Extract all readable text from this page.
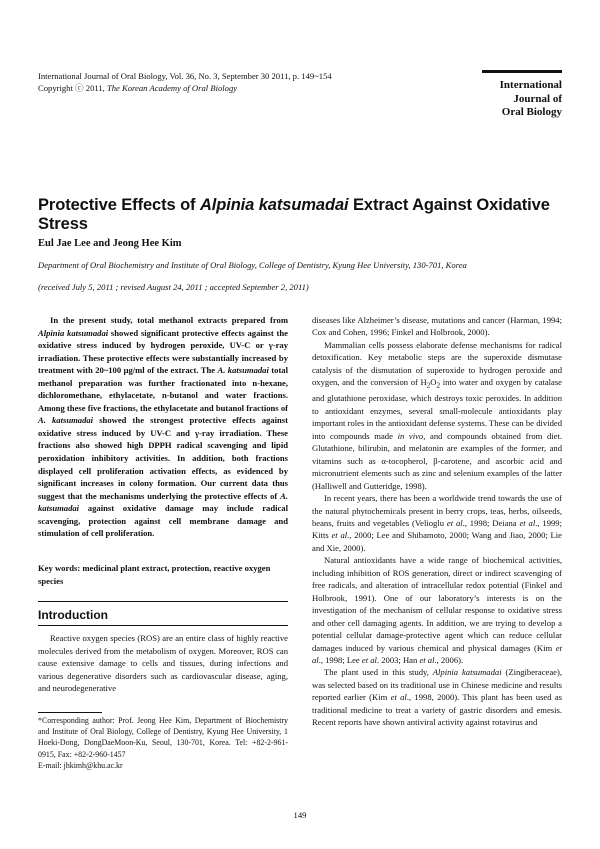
International Journal of Oral Biology, Vol. 36, No. 3, September 30 2011, p. 149~154
Copyright ⓒ 2011, The Korean Academy of Oral Biology	International
Journal of
Oral Biology
Protective Effects of Alpinia katsumadai Extract Against Oxidative Stress
Eul Jae Lee and Jeong Hee Kim
Department of Oral Biochemistry and Institute of Oral Biology, College of Dentistry, Kyung Hee University, 130-701, Korea
(received July 5, 2011 ; revised August 24, 2011 ; accepted September 2, 2011)
In the present study, total methanol extracts prepared from Alpinia katsumadai showed significant protective effects against the oxidative stress induced by hydrogen peroxide, UV-C or γ-ray irradiation. These protective effects were substantially increased by treatment with 20~100 μg/ml of the extract. The A. katsumadai total methanol preparation was further fractionated into n-hexane, dichloromethane, ethylacetate, n-butanol and water fractions. Among these five fractions, the ethylacetate and butanol fractions of A. katsumadai showed the strongest protective effects against oxidative stress induced by UV-C and γ-ray irradiation. These fractions also showed high DPPH radical scavenging and lipid peroxidation inhibitory activities. In addition, both fractions displayed cell proliferation activation effects, as evidenced by significant increases in colony formation. Our current data thus suggest that the mechanisms underlying the protective effects of A. katsumadai against oxidative damage may include radical scavenging, protection against cell membrane damage and stimulation of cell proliferation.
Key words: medicinal plant extract, protection, reactive oxygen species
Introduction
Reactive oxygen species (ROS) are an entire class of highly reactive molecules derived from the metabolism of oxygen. Moreover, ROS can cause extensive damage to cells and tissues, during infections and various degenerative disorders such as cardiovascular disease, aging, and neurodegenerative
*Corresponding author: Prof. Jeong Hee Kim, Department of Biochemistry and Institute of Oral Biology, College of Dentistry, Kyung Hee University, 1 Hoeki-Dong, DongDaeMoon-Ku, Seoul, 130-701, Korea. Tel: +82-2-961-0915, Fax: +82-2-960-1457
E-mail: jhkimh@khu.ac.kr

diseases like Alzheimer’s disease, mutations and cancer (Harman, 1994; Cox and Cohen, 1996; Finkel and Holbrook, 2000).

Mammalian cells possess elaborate defense mechanisms for radical detoxification. Key metabolic steps are the superoxide dismutase catalysis of the dismutation of superoxide to hydrogen peroxide and oxygen, and the conversion of $H_2O_2$ into water and oxygen by catalase and glutathione peroxidase, which destroys toxic peroxides. In addition to antioxidant enzymes, several small-molecule antioxidants play important roles in the antioxidant defense systems. These can be divided into compounds made in vivo, and compounds obtained from diet. Glutathione, bilirubin, and melatonin are examples of the former, and vitamins such as α-tocopherol, β-carotene, and ascorbic acid and micronutrient elements such as zinc and selenium examples of the latter (Halliwell and Gutteridge, 1998).

In recent years, there has been a worldwide trend towards the use of the natural phytochemicals present in berry crops, teas, herbs, oilseeds, beans, fruits and vegetables (Velioglu et al., 1998; Deiana et al., 1999; Kitts et al., 2000; Lee and Shibamoto, 2000; Wang and Jiao, 2000; Lie and Xie, 2000).

Natural antioxidants have a wide range of biochemical activities, including inhibition of ROS generation, direct or indirect scavenging of free radicals, and alteration of intracellular redox potential (Finkel and Holbrook, 1991). One of our laboratory’s interests is on the investigation of the mechanism of cellular response to oxidative stress and other cell damaging agents. In addition, we are trying to develop a potential cellular damage-protective agent which can reduce cellular damages induced by various chemical and physical damages (Kim et al., 1998; Lee et al. 2003; Han et al., 2006).

The plant used in this study, Alpinia katsumadai (Zingiberaceae), was selected based on its traditional use in Chinese medicine and results reported earlier (Kim et al., 1998, 2000). This plant has been used as traditional medicine to treat a variety of gastric disorders and emesis. Recent reports have shown antiviral activity against rotavirus and

149
